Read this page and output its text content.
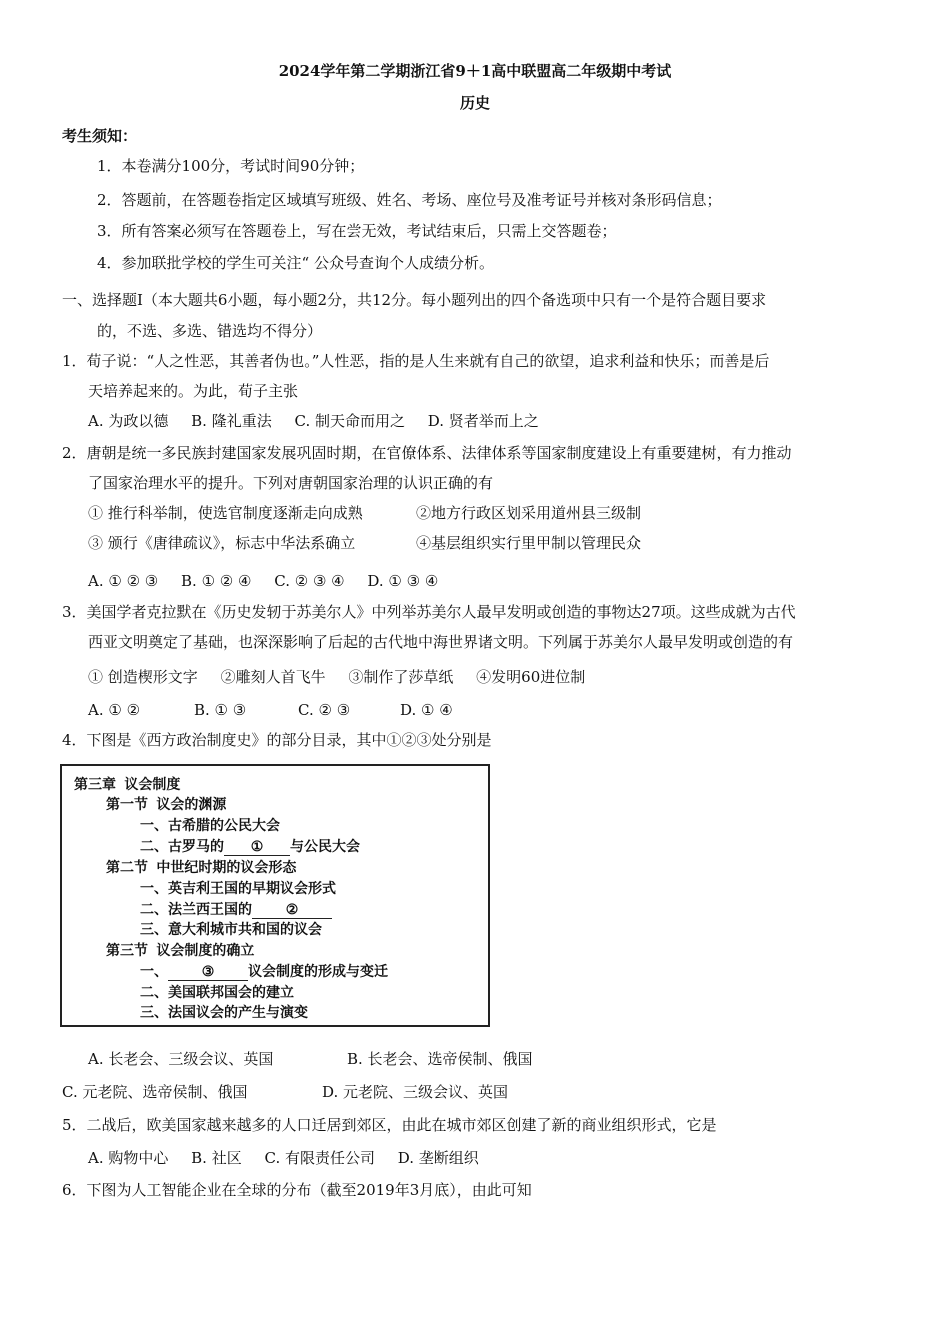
2024学年第二学期浙江省9＋1高中联盟高二年级期中考试
历史
考生须知：
1．本卷满分100分，考试时间90分钟；
2．答题前，在答题卷指定区域填写班级、姓名、考场、座位号及准考证号并核对条形码信息；
3．所有答案必须写在答题卷上，写在尝无效，考试结束后，只需上交答题卷；
4．参加联批学校的学生可关注“ 公众号查询个人成绩分析。
一、选择题Ⅰ（本大题共6小题，每小题2分，共12分。每小题列出的四个备选项中只有一个是符合题目要求
的，不选、多选、错选均不得分）
1．荀子说：“人之性恶，其善者伪也。”人性恶，指的是人生来就有自己的欲望，追求利益和快乐；而善是后
天培养起来的。为此，荀子主张
A. 为政以德 B. 隆礼重法 C. 制天命而用之 D. 贤者举而上之
2．唐朝是统一多民族封建国家发展巩固时期，在官僚体系、法律体系等国家制度建设上有重要建树，有力推动
了国家治理水平的提升。下列对唐朝国家治理的认识正确的有
① 推行科举制，使选官制度逐渐走向成熟	②地方行政区划采用道州县三级制
③ 颁行《唐律疏议》，标志中华法系确立	④基层组织实行里甲制以管理民众
A. ① ② ③ B. ① ② ④ C. ② ③ ④ D. ① ③ ④
3．美国学者克拉默在《历史发轫于苏美尔人》中列举苏美尔人最早发明或创造的事物达27项。这些成就为古代
西亚文明奠定了基础，也深深影响了后起的古代地中海世界诸文明。下列属于苏美尔人最早发明或创造的有
① 创造楔形文字 ②雕刻人首飞牛 ③制作了莎草纸 ④发明60进位制
A. ① ②	B. ① ③	C. ② ③	D. ① ④
4．下图是《西方政治制度史》的部分目录，其中①②③处分别是
第三章 议会制度
第一节 议会的渊源
一、古希腊的公民大会
二、古罗马的 ① 与公民大会
第二节 中世纪时期的议会形态
一、英吉利王国的早期议会形式
二、法兰西王国的 ②
三、意大利城市共和国的议会
第三节 议会制度的确立
一、 ③ 议会制度的形成与变迁
二、美国联邦国会的建立
三、法国议会的产生与演变
A. 长老会、三级会议、英国	B. 长老会、选帝侯制、俄国
C. 元老院、选帝侯制、俄国	D. 元老院、三级会议、英国
5．二战后，欧美国家越来越多的人口迁居到郊区，由此在城市郊区创建了新的商业组织形式，它是
A. 购物中心 B. 社区 C. 有限责任公司 D. 垄断组织
6．下图为人工智能企业在全球的分布（截至2019年3月底），由此可知
